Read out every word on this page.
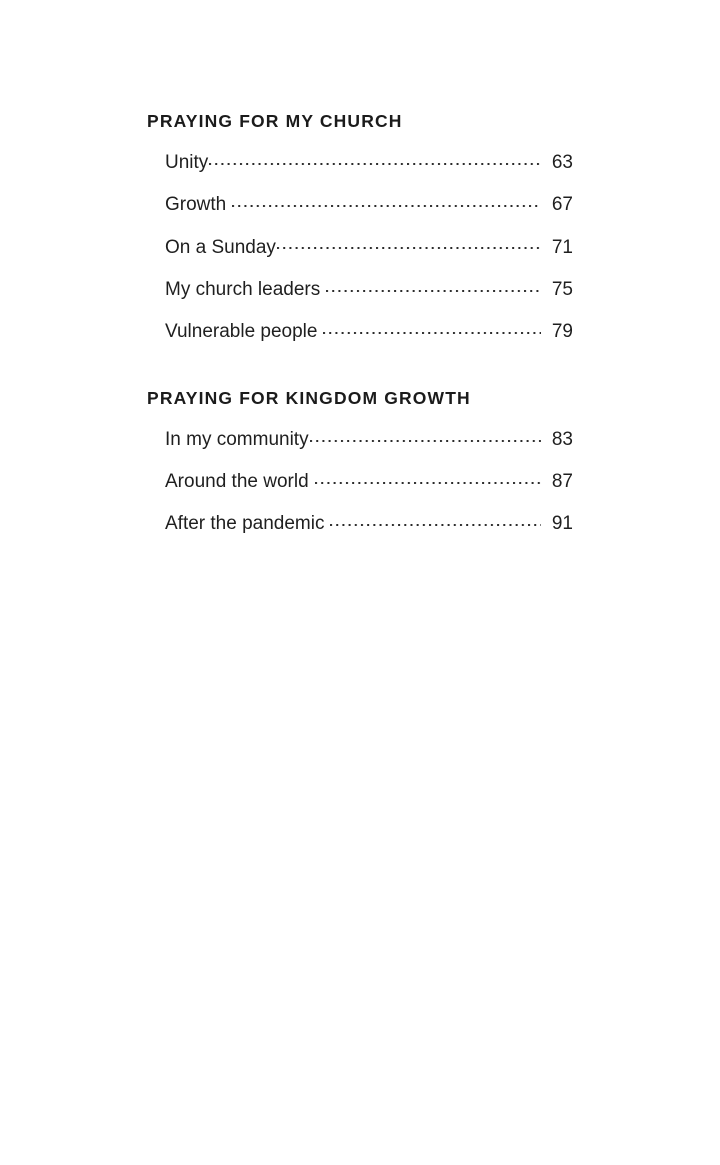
PRAYING FOR MY CHURCH
Unity	63
Growth	67
On a Sunday	71
My church leaders	75
Vulnerable people	79
PRAYING FOR KINGDOM GROWTH
In my community	83
Around the world	87
After the pandemic	91
